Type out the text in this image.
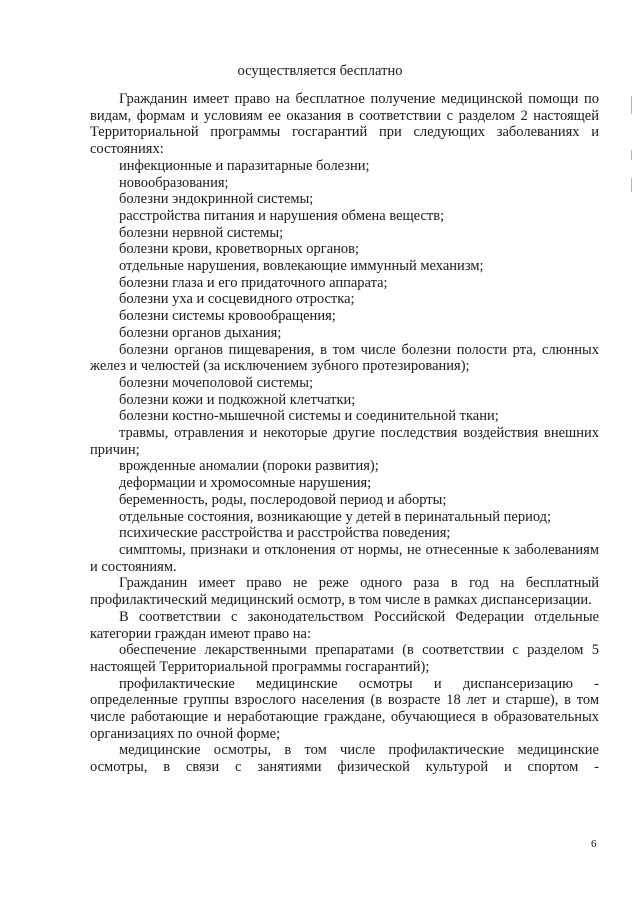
осуществляется бесплатно

Гражданин имеет право на бесплатное получение медицинской помощи по видам, формам и условиям ее оказания в соответствии с разделом 2 настоящей Территориальной программы госгарантий при следующих заболеваниях и состояниях:

инфекционные и паразитарные болезни;

новообразования;

болезни эндокринной системы;

расстройства питания и нарушения обмена веществ;

болезни нервной системы;

болезни крови, кроветворных органов;

отдельные нарушения, вовлекающие иммунный механизм;

болезни глаза и его придаточного аппарата;

болезни уха и сосцевидного отростка;

болезни системы кровообращения;

болезни органов дыхания;

болезни органов пищеварения, в том числе болезни полости рта, слюнных желез и челюстей (за исключением зубного протезирования);

болезни мочеполовой системы;

болезни кожи и подкожной клетчатки;

болезни костно-мышечной системы и соединительной ткани;

травмы, отравления и некоторые другие последствия воздействия внешних причин;

врожденные аномалии (пороки развития);

деформации и хромосомные нарушения;

беременность, роды, послеродовой период и аборты;

отдельные состояния, возникающие у детей в перинатальный период;

психические расстройства и расстройства поведения;

симптомы, признаки и отклонения от нормы, не отнесенные к заболеваниям и состояниям.

Гражданин имеет право не реже одного раза в год на бесплатный профилактический медицинский осмотр, в том числе в рамках диспансеризации.

В соответствии с законодательством Российской Федерации отдельные категории граждан имеют право на:

обеспечение лекарственными препаратами (в соответствии с разделом 5 настоящей Территориальной программы госгарантий);

профилактические медицинские осмотры и диспансеризацию - определенные группы взрослого населения (в возрасте 18 лет и старше), в том числе работающие и неработающие граждане, обучающиеся в образовательных организациях по очной форме;

медицинские осмотры, в том числе профилактические медицинские осмотры, в связи с занятиями физической культурой и спортом -

6
